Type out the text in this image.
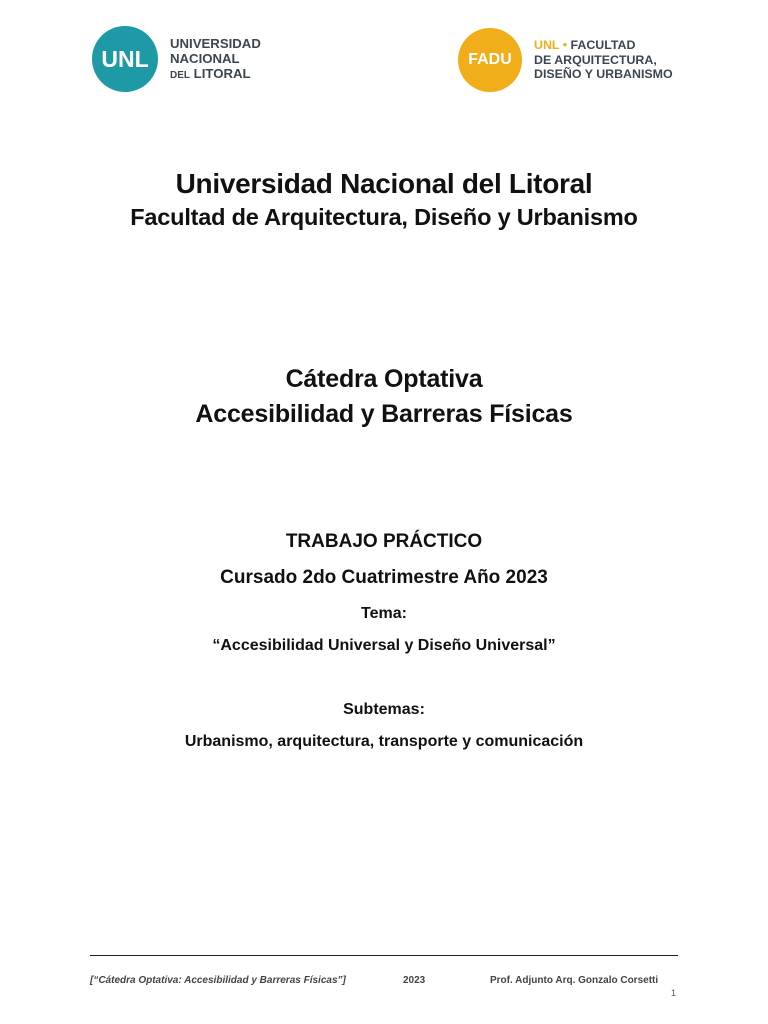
UNL
UNIVERSIDAD
NACIONAL
DEL LITORAL
FADU
UNL • FACULTAD
DE ARQUITECTURA,
DISEÑO Y URBANISMO
Universidad Nacional del Litoral
Facultad de Arquitectura, Diseño y Urbanismo
Cátedra Optativa
Accesibilidad y Barreras Físicas
TRABAJO PRÁCTICO
Cursado 2do Cuatrimestre Año 2023
Tema:
“Accesibilidad Universal y Diseño Universal”
Subtemas:
Urbanismo, arquitectura, transporte y comunicación
[“Cátedra Optativa: Accesibilidad y Barreras Físicas”]	2023	Prof. Adjunto Arq. Gonzalo Corsetti
1
